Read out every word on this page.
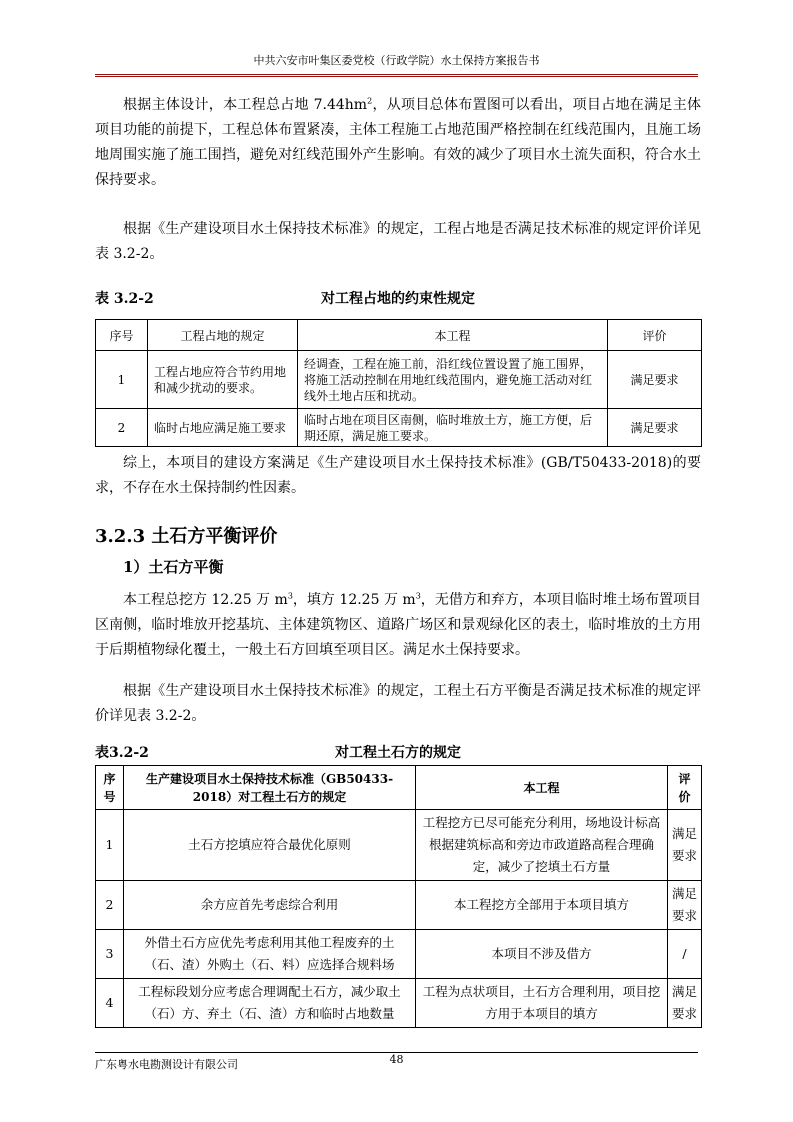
中共六安市叶集区委党校（行政学院）水土保持方案报告书

根据主体设计，本工程总占地 $7.44hm^2$，从项目总体布置图可以看出，项目占地在满足主体项目功能的前提下，工程总体布置紧凑，主体工程施工占地范围严格控制在红线范围内，且施工场地周围实施了施工围挡，避免对红线范围外产生影响。有效的减少了项目水土流失面积，符合水土保持要求。

根据《生产建设项目水土保持技术标准》的规定，工程占地是否满足技术标准的规定评价详见表 3.2-2。

表 3.2-2	对工程占地的约束性规定
序号	工程占地的规定	本工程	评价
1	工程占地应符合节约用地和减少扰动的要求。	经调查，工程在施工前，沿红线位置设置了施工围界，将施工活动控制在用地红线范围内，避免施工活动对红线外土地占压和扰动。	满足要求
2	临时占地应满足施工要求	临时占地在项目区南侧，临时堆放土方，施工方便，后期还原，满足施工要求。	满足要求

综上，本项目的建设方案满足《生产建设项目水土保持技术标准》(GB/T50433-2018)的要求，不存在水土保持制约性因素。

3.2.3 土石方平衡评价
1）土石方平衡

本工程总挖方 12.25 万 $m^3$，填方 12.25 万 $m^3$，无借方和弃方，本项目临时堆土场布置项目区南侧，临时堆放开挖基坑、主体建筑物区、道路广场区和景观绿化区的表土，临时堆放的土方用于后期植物绿化覆土，一般土石方回填至项目区。满足水土保持要求。

根据《生产建设项目水土保持技术标准》的规定，工程土石方平衡是否满足技术标准的规定评价详见表 3.2-2。

表3.2-2	对工程土石方的规定
序号	生产建设项目水土保持技术标准（GB50433-2018）对工程土石方的规定	本工程	评价
1	土石方挖填应符合最优化原则	工程挖方已尽可能充分利用，场地设计标高根据建筑标高和旁边市政道路高程合理确定，减少了挖填土石方量	满足要求
2	余方应首先考虑综合利用	本工程挖方全部用于本项目填方	满足要求
3	外借土石方应优先考虑利用其他工程废弃的土（石、渣）外购土（石、料）应选择合规料场	本项目不涉及借方	/
4	工程标段划分应考虑合理调配土石方，减少取土（石）方、弃土（石、渣）方和临时占地数量	工程为点状项目，土石方合理利用，项目挖方用于本项目的填方	满足要求
广东粤水电勘测设计有限公司	48
